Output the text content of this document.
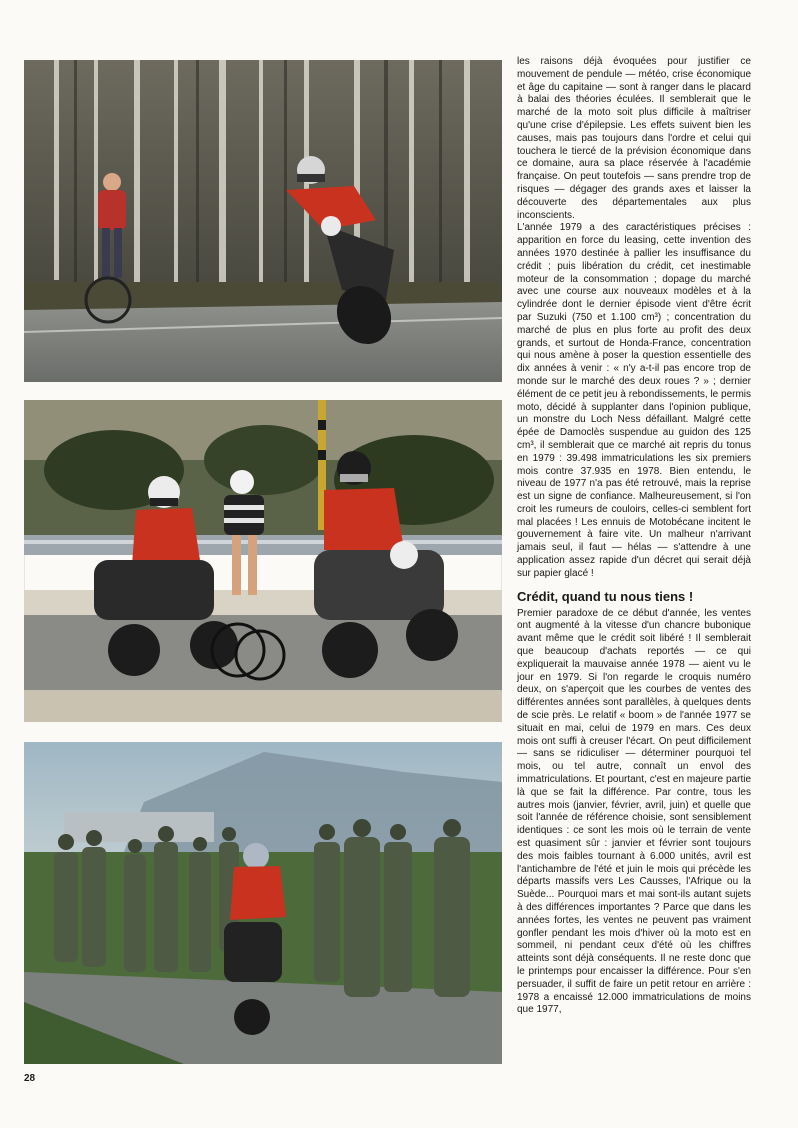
les raisons déjà évoquées pour justifier ce mouvement de pendule — météo, crise économique et âge du capitaine — sont à ranger dans le placard à balai des théories éculées. Il semblerait que le marché de la moto soit plus difficile à maîtriser qu'une crise d'épilepsie. Les effets suivent bien les causes, mais pas toujours dans l'ordre et celui qui touchera le tiercé de la prévision économique dans ce domaine, aura sa place réservée à l'académie française. On peut toutefois — sans prendre trop de risques — dégager des grands axes et laisser la découverte des départementales aux plus inconscients.

L'année 1979 a des caractéristiques précises : apparition en force du leasing, cette invention des années 1970 destinée à pallier les insuffisance du crédit ; puis libération du crédit, cet inestimable moteur de la consommation ; dopage du marché avec une course aux nouveaux modèles et à la cylindrée dont le dernier épisode vient d'être écrit par Suzuki (750 et 1.100 cm³) ; concentration du marché de plus en plus forte au profit des deux grands, et surtout de Honda-France, concentration qui nous amène à poser la question essentielle des dix années à venir : « n'y a-t-il pas encore trop de monde sur le marché des deux roues ? » ; dernier élément de ce petit jeu à rebondissements, le permis moto, décidé à supplanter dans l'opinion publique, un monstre du Loch Ness défaillant. Malgré cette épée de Damoclès suspendue au guidon des 125 cm³, il semblerait que ce marché ait repris du tonus en 1979 : 39.498 immatriculations les six premiers mois contre 37.935 en 1978. Bien entendu, le niveau de 1977 n'a pas été retrouvé, mais la reprise est un signe de confiance. Malheureusement, si l'on croit les rumeurs de couloirs, celles-ci semblent fort mal placées ! Les ennuis de Motobécane incitent le gouvernement à faire vite. Un malheur n'arrivant jamais seul, il faut — hélas — s'attendre à une application assez rapide d'un décret qui serait déjà sur papier glacé !

Crédit, quand tu nous tiens !

Premier paradoxe de ce début d'année, les ventes ont augmenté à la vitesse d'un chancre bubonique avant même que le crédit soit libéré ! Il semblerait que beaucoup d'achats reportés — ce qui expliquerait la mauvaise année 1978 — aient vu le jour en 1979. Si l'on regarde le croquis numéro deux, on s'aperçoit que les courbes de ventes des différentes années sont parallèles, à quelques dents de scie près. Le relatif « boom » de l'année 1977 se situait en mai, celui de 1979 en mars. Ces deux mois ont suffi à creuser l'écart. On peut difficilement — sans se ridiculiser — déterminer pourquoi tel mois, ou tel autre, connaît un envol des immatriculations. Et pourtant, c'est en majeure partie là que se fait la différence. Par contre, tous les autres mois (janvier, février, avril, juin) et quelle que soit l'année de référence choisie, sont sensiblement identiques : ce sont les mois où le terrain de vente est quasiment sûr : janvier et février sont toujours des mois faibles tournant à 6.000 unités, avril est l'antichambre de l'été et juin le mois qui précède les départs massifs vers Les Causses, l'Afrique ou la Suède... Pourquoi mars et mai sont-ils autant sujets à des différences importantes ? Parce que dans les années fortes, les ventes ne peuvent pas vraiment gonfler pendant les mois d'hiver où la moto est en sommeil, ni pendant ceux d'été où les chiffres atteints sont déjà conséquents. Il ne reste donc que le printemps pour encaisser la différence. Pour s'en persuader, il suffit de faire un petit retour en arrière : 1978 a encaissé 12.000 immatriculations de moins que 1977,

28
